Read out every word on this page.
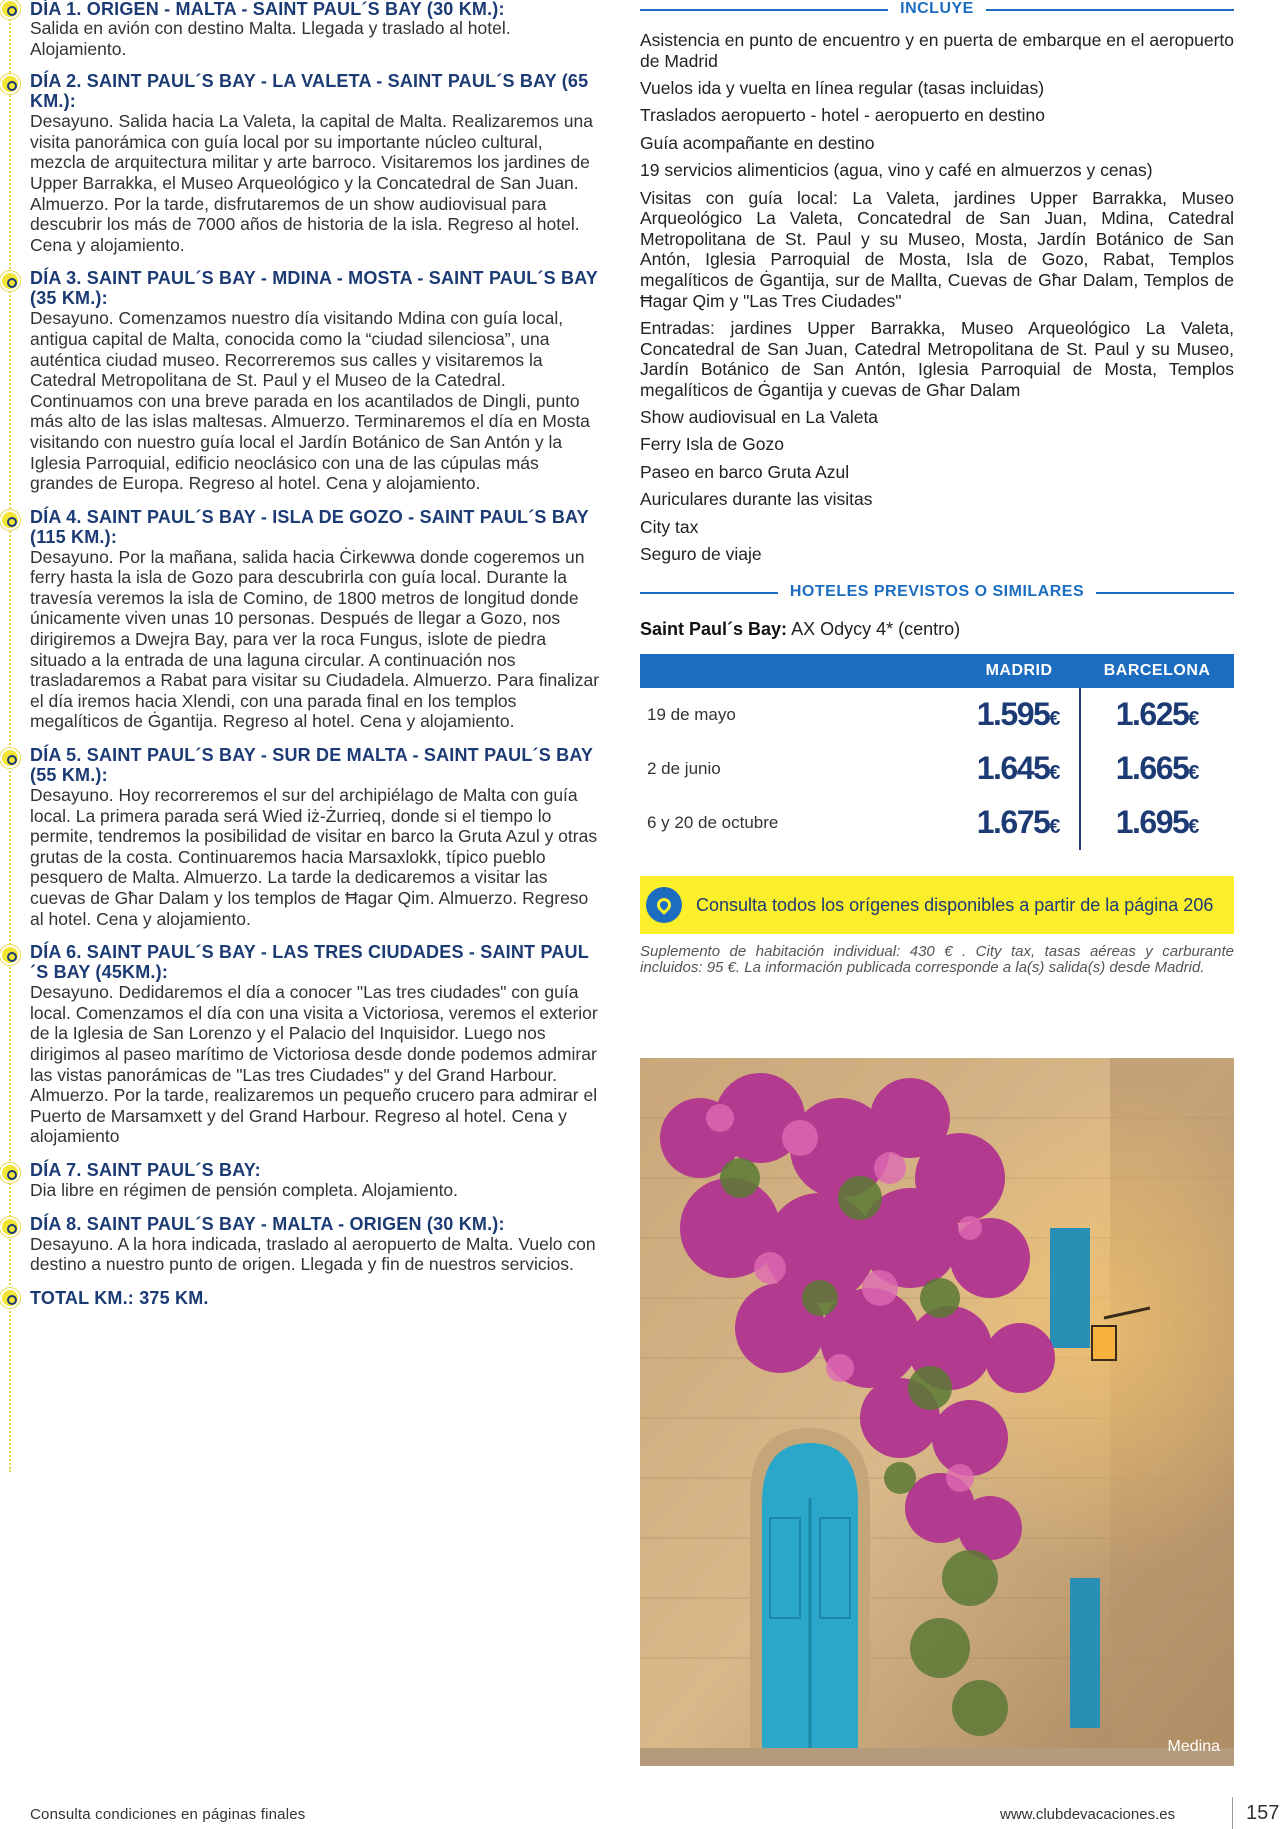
DÍA 1. ORIGEN - MALTA - SAINT PAUL´S BAY (30 KM.):
Salida en avión con destino Malta. Llegada y traslado al hotel. Alojamiento.
DÍA 2. SAINT PAUL´S BAY - LA VALETA - SAINT PAUL´S BAY (65 KM.):
Desayuno. Salida hacia La Valeta, la capital de Malta. Realizaremos una visita panorámica con guía local por su importante núcleo cultural, mezcla de arquitectura militar y arte barroco. Visitaremos los jardines de Upper Barrakka, el Museo Arqueológico y la Concatedral de San Juan. Almuerzo. Por la tarde, disfrutaremos de un show audiovisual para descubrir los más de 7000 años de historia de la isla. Regreso al hotel. Cena y alojamiento.
DÍA 3. SAINT PAUL´S BAY - MDINA - MOSTA - SAINT PAUL´S BAY (35 KM.):
Desayuno. Comenzamos nuestro día visitando Mdina con guía local, antigua capital de Malta, conocida como la “ciudad silenciosa”, una auténtica ciudad museo. Recorreremos sus calles y visitaremos la Catedral Metropolitana de St. Paul y el Museo de la Catedral. Continuamos con una breve parada en los acantilados de Dingli, punto más alto de las islas maltesas. Almuerzo. Terminaremos el día en Mosta visitando con nuestro guía local el Jardín Botánico de San Antón y la Iglesia Parroquial, edificio neoclásico con una de las cúpulas más grandes de Europa. Regreso al hotel. Cena y alojamiento.
DÍA 4. SAINT PAUL´S BAY - ISLA DE GOZO - SAINT PAUL´S BAY (115 KM.):
Desayuno. Por la mañana, salida hacia Ċirkewwa donde cogeremos un ferry hasta la isla de Gozo para descubrirla con guía local. Durante la travesía veremos la isla de Comino, de 1800 metros de longitud donde únicamente viven unas 10 personas. Después de llegar a Gozo, nos dirigiremos a Dwejra Bay, para ver la roca Fungus, islote de piedra situado a la entrada de una laguna circular. A continuación nos trasladaremos a Rabat para visitar su Ciudadela. Almuerzo. Para finalizar el día iremos hacia Xlendi, con una parada final en los templos megalíticos de Ġgantija. Regreso al hotel. Cena y alojamiento.
DÍA 5. SAINT PAUL´S BAY - SUR DE MALTA - SAINT PAUL´S BAY (55 KM.):
Desayuno. Hoy recorreremos el sur del archipiélago de Malta con guía local. La primera parada será Wied iż-Żurrieq, donde si el tiempo lo permite, tendremos la posibilidad de visitar en barco la Gruta Azul y otras grutas de la costa. Continuaremos hacia Marsaxlokk, típico pueblo pesquero de Malta. Almuerzo. La tarde la dedicaremos a visitar las cuevas de Għar Dalam y los templos de Ħagar Qim. Almuerzo. Regreso al hotel. Cena y alojamiento.
DÍA 6. SAINT PAUL´S BAY - LAS TRES CIUDADES - SAINT PAUL´S BAY (45KM.):
Desayuno. Dedidaremos el día a conocer "Las tres ciudades" con guía local. Comenzamos el día con una visita a Victoriosa, veremos el exterior de la Iglesia de San Lorenzo y el Palacio del Inquisidor. Luego nos dirigimos al paseo marítimo de Victoriosa desde donde podemos admirar las vistas panorámicas de "Las tres Ciudades" y del Grand Harbour. Almuerzo. Por la tarde, realizaremos un pequeño crucero para admirar el Puerto de Marsamxett y del Grand Harbour. Regreso al hotel. Cena y alojamiento
DÍA 7. SAINT PAUL´S BAY:
Dia libre en régimen de pensión completa. Alojamiento.
DÍA 8. SAINT PAUL´S BAY - MALTA - ORIGEN (30 KM.):
Desayuno. A la hora indicada, traslado al aeropuerto de Malta. Vuelo con destino a nuestro punto de origen. Llegada y fin de nuestros servicios.
TOTAL KM.: 375 KM.
INCLUYE
Asistencia en punto de encuentro y en puerta de embarque en el aeropuerto de Madrid
Vuelos ida y vuelta en línea regular (tasas incluidas)
Traslados aeropuerto - hotel - aeropuerto en destino
Guía acompañante en destino
19 servicios alimenticios (agua, vino y café en almuerzos y cenas)
Visitas con guía local: La Valeta, jardines Upper Barrakka, Museo Arqueológico La Valeta, Concatedral de San Juan, Mdina, Catedral Metropolitana de St. Paul y su Museo, Mosta, Jardín Botánico de San Antón, Iglesia Parroquial de Mosta, Isla de Gozo, Rabat, Templos megalíticos de Ġgantija, sur de Mallta, Cuevas de Għar Dalam, Templos de Ħagar Qim y "Las Tres Ciudades"
Entradas: jardines Upper Barrakka, Museo Arqueológico La Valeta, Concatedral de San Juan, Catedral Metropolitana de St. Paul y su Museo, Jardín Botánico de San Antón, Iglesia Parroquial de Mosta, Templos megalíticos de Ġgantija y cuevas de Għar Dalam
Show audiovisual en La Valeta
Ferry Isla de Gozo
Paseo en barco Gruta Azul
Auriculares durante las visitas
City tax
Seguro de viaje
HOTELES PREVISTOS O SIMILARES
Saint Paul´s Bay: AX Odycy 4* (centro)
	MADRID	BARCELONA
19 de mayo	1.595€	1.625€
2 de junio	1.645€	1.665€
6 y 20 de octubre	1.675€	1.695€
Consulta todos los orígenes disponibles a partir de la página 206
Suplemento de habitación individual: 430 € . City tax, tasas aéreas y carburante incluidos: 95 €. La información publicada corresponde a la(s) salida(s) desde Madrid.
Medina
Consulta condiciones en páginas finales	www.clubdevacaciones.es	157
